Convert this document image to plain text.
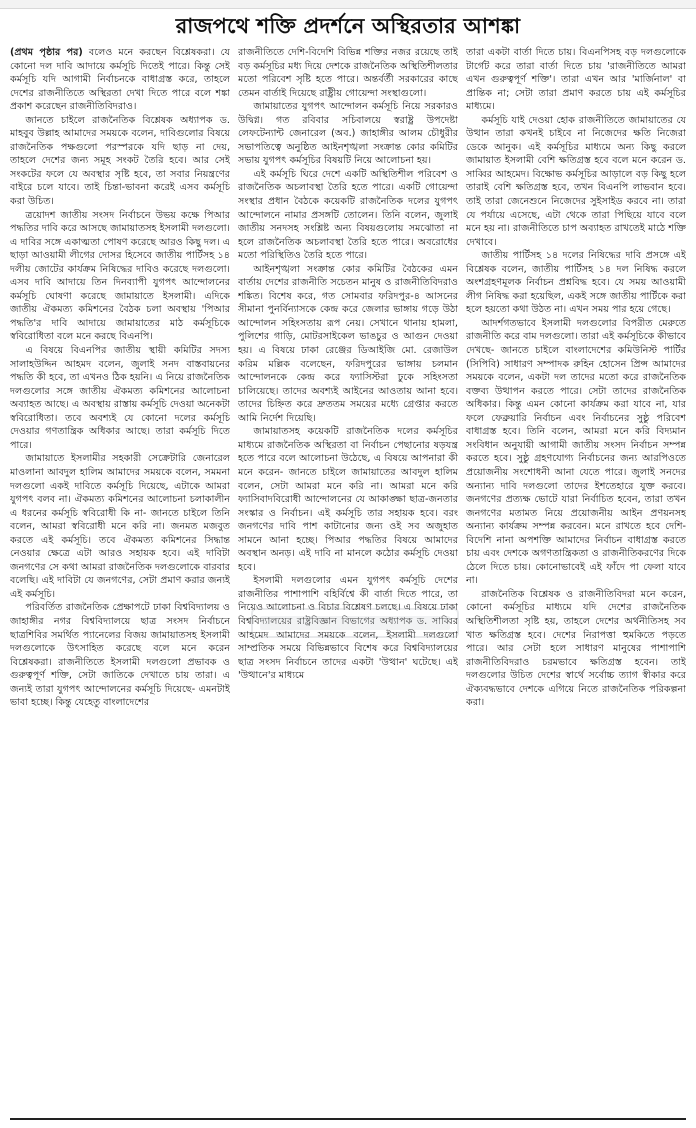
রাজপথে শক্তি প্রদর্শনে অস্থিরতার আশঙ্কা

(প্রথম পৃষ্ঠার পর) বলেও মনে করছেন বিশ্লেষকরা। যে কোনো দল দাবি আদায়ে কর্মসূচি দিতেই পারে। কিন্তু সেই কর্মসূচি যদি আগামী নির্বাচনকে বাধাগ্রস্ত করে, তাহলে দেশের রাজনীতিতে অস্থিরতা দেখা দিতে পারে বলে শঙ্কা প্রকাশ করেছেন রাজনীতিবিদরাও।

জানতে চাইলে রাজনৈতিক বিশ্লেষক অধ্যাপক ড. মাহবুব উল্লাহ আমাদের সময়কে বলেন, দাবিগুলোর বিষয়ে রাজনৈতিক পক্ষগুলো পরস্পরকে যদি ছাড় না দেয়, তাহলে দেশের জন্য সমূহ সংকট তৈরি হবে। আর সেই সংকটের ফলে যে অবস্থার সৃষ্টি হবে, তা সবার নিয়ন্ত্রণের বাইরে চলে যাবে। তাই চিন্তা-ভাবনা করেই এসব কর্মসূচি করা উচিত।

ত্রয়োদশ জাতীয় সংসদ নির্বাচনে উভয় কক্ষে পিআর পদ্ধতির দাবি করে আসছে জামায়াতসহ ইসলামী দলগুলো। এ দাবির সঙ্গে একাত্মতা পোষণ করেছে আরও কিছু দল। এ ছাড়া আওয়ামী লীগের দোসর হিসেবে জাতীয় পার্টিসহ ১৪ দলীয় জোটের কার্যক্রম নিষিদ্ধের দাবিও করেছে দলগুলো। এসব দাবি আদায়ে তিন দিনব্যাপী যুগপৎ আন্দোলনের কর্মসূচি ঘোষণা করেছে জামায়াতে ইসলামী। এদিকে জাতীয় ঐকমত্য কমিশনের বৈঠক চলা অবস্থায় 'পিআর পদ্ধতি'র দাবি আদায়ে জামায়াতের মাঠ কর্মসূচিকে স্ববিরোধিতা বলে মনে করছে বিএনপি।

এ বিষয়ে বিএনপির জাতীয় স্থায়ী কমিটির সদস্য সালাহউদ্দিন আহমদ বলেন, জুলাই সনদ বাস্তবায়নের পদ্ধতি কী হবে, তা এখনও ঠিক হয়নি। এ নিয়ে রাজনৈতিক দলগুলোর সঙ্গে জাতীয় ঐকমত্য কমিশনের আলোচনা অব্যাহত আছে। এ অবস্থায় রাস্তায় কর্মসূচি দেওয়া অনেকটা স্ববিরোধিতা। তবে অবশ্যই যে কোনো দলের কর্মসূচি দেওয়ার গণতান্ত্রিক অধিকার আছে। তারা কর্মসূচি দিতে পারে।

জামায়াতে ইসলামীর সহকারী সেক্রেটারি জেনারেল মাওলানা আবদুল হালিম আমাদের সময়কে বলেন, সমমনা দলগুলো একই দাবিতে কর্মসূচি দিয়েছে, এটাকে আমরা যুগপৎ বলব না। ঐকমত্য কমিশনের আলোচনা চলাকালীন এ ধরনের কর্মসূচি স্ববিরোধী কি না- জানতে চাইলে তিনি বলেন, আমরা স্ববিরোধী মনে করি না। জনমত মজবুত করতে এই কর্মসূচি। তবে ঐকমত্য কমিশনের সিদ্ধান্ত নেওয়ার ক্ষেত্রে এটা আরও সহায়ক হবে। এই দাবিটা জনগণের সে কথা আমরা রাজনৈতিক দলগুলোকে বারবার বলেছি। এই দাবিটা যে জনগণের, সেটা প্রমাণ করার জন্যই এই কর্মসূচি।

পরিবর্তিত রাজনৈতিক প্রেক্ষাপটে ঢাকা বিশ্ববিদ্যালয় ও জাহাঙ্গীর নগর বিশ্ববিদ্যালয়ে ছাত্র সংসদ নির্বাচনে ছাত্রশিবির সমর্থিত প্যানেলের বিজয় জামায়াতসহ ইসলামী দলগুলোকে উৎসাহিত করেছে বলে মনে করেন বিশ্লেষকরা। রাজনীতিতে ইসলামী দলগুলো প্রভাবক ও গুরুত্বপূর্ণ শক্তি, সেটা জাতিকে দেখাতে চায় তারা। এ জন্যই তারা যুগপৎ আন্দোলনের কর্মসূচি দিয়েছে- এমনটাই ভাবা হচ্ছে। কিন্তু যেহেতু বাংলাদেশের

রাজনীতিতে দেশি-বিদেশি বিভিন্ন শক্তির নজর রয়েছে তাই বড় কর্মসূচির মধ্য দিয়ে দেশকে রাজনৈতিক অস্থিতিশীলতার মতো পরিবেশ সৃষ্টি হতে পারে। অন্তর্বর্তী সরকারের কাছে তেমন বার্তাই দিয়েছে রাষ্ট্রীয় গোয়েন্দা সংস্থাগুলো।

জামায়াতের যুগপৎ আন্দোলন কর্মসূচি নিয়ে সরকারও উদ্বিগ্ন। গত রবিবার সচিবালয়ে স্বরাষ্ট্র উপদেষ্টা লেফটেন্যান্ট জেনারেল (অব.) জাহাঙ্গীর আলম চৌধুরীর সভাপতিত্বে অনুষ্ঠিত আইনশৃঙ্খলা সংক্রান্ত কোর কমিটির সভায় যুগপৎ কর্মসূচির বিষয়টি নিয়ে আলোচনা হয়।

এই কর্মসূচি ঘিরে দেশে একটি অস্থিতিশীল পরিবেশ ও রাজনৈতিক অচলাবস্থা তৈরি হতে পারে। একটি গোয়েন্দা সংস্থার প্রধান বৈঠকে কয়েকটি রাজনৈতিক দলের যুগপৎ আন্দোলনে নামার প্রসঙ্গটি তোলেন। তিনি বলেন, জুলাই জাতীয় সনদসহ সংশ্লিষ্ট অন্য বিষয়গুলোয় সমঝোতা না হলে রাজনৈতিক অচলাবস্থা তৈরি হতে পারে। অবরোধের মতো পরিস্থিতিও তৈরি হতে পারে।

আইনশৃঙ্খলা সংক্রান্ত কোর কমিটির বৈঠকের এমন বার্তায় দেশের রাজনীতি সচেতন মানুষ ও রাজনীতিবিদরাও শঙ্কিত। বিশেষ করে, গত সোমবার ফরিদপুর-৪ আসনের সীমানা পুনর্বিন্যাসকে কেন্দ্র করে জেলার ভাঙ্গায় গড়ে উঠা আন্দোলন সহিংসতায় রূপ নেয়। সেখানে থানায় হামলা, পুলিশের গাড়ি, মোটরসাইকেল ভাঙচুর ও আগুন দেওয়া হয়। এ বিষয়ে ঢাকা রেঞ্জের ডিআইজি মো. রেজাউল করিম মল্লিক বলেছেন, ফরিদপুরের ভাঙ্গায় চলমান আন্দোলনকে কেন্দ্র করে ফ্যাসিস্টরা ঢুকে সহিংসতা চালিয়েছে। তাদের অবশ্যই আইনের আওতায় আনা হবে। তাদের চিহ্নিত করে দ্রুততম সময়ের মধ্যে গ্রেপ্তার করতে আমি নির্দেশ দিয়েছি।

জামায়াতসহ কয়েকটি রাজনৈতিক দলের কর্মসূচির মাধ্যমে রাজনৈতিক অস্থিরতা বা নির্বাচন পেছানোর ষড়যন্ত্র হতে পারে বলে আলোচনা উঠেছে, এ বিষয়ে আপনারা কী মনে করেন- জানতে চাইলে জামায়াতের আবদুল হালিম বলেন, সেটা আমরা মনে করি না। আমরা মনে করি ফ্যাসিবাদবিরোধী আন্দোলনের যে আকাঙ্ক্ষা ছাত্র-জনতার সংস্কার ও নির্বাচন। এই কর্মসূচি তার সহায়ক হবে। বরং জনগণের দাবি পাশ কাটানোর জন্য ওই সব অজুহাত সামনে আনা হচ্ছে। পিআর পদ্ধতির বিষয়ে আমাদের অবস্থান অনড়। এই দাবি না মানলে কঠোর কর্মসূচি দেওয়া হবে।

ইসলামী দলগুলোর এমন যুগপৎ কর্মসূচি দেশের রাজনীতির পাশাপাশি বহির্বিশ্বে কী বার্তা দিতে পারে, তা নিয়েও আলোচনা ও বিচার বিশ্লেষণ চলছে। এ বিষয়ে ঢাকা বিশ্ববিদ্যালয়ের রাষ্ট্রবিজ্ঞান বিভাগের অধ্যাপক ড. সাব্বির আহমেদ আমাদের সময়কে বলেন, ইসলামী দলগুলো সাম্প্রতিক সময়ে বিভিন্নভাবে বিশেষ করে বিশ্ববিদ্যালয়ের ছাত্র সংসদ নির্বাচনে তাদের একটা 'উত্থান' ঘটেছে। এই 'উত্থানে'র মাধ্যমে

তারা একটা বার্তা দিতে চায়। বিএনপিসহ বড় দলগুলোকে টার্গেট করে তারা বার্তা দিতে চায় 'রাজনীতিতে আমরা এখন গুরুত্বপূর্ণ শক্তি'। তারা এখন আর 'মার্জিনাল' বা প্রান্তিক না; সেটা তারা প্রমাণ করতে চায় এই কর্মসূচির মাধ্যমে।

কর্মসূচি যাই দেওয়া হোক রাজনীতিতে জামায়াতের যে উত্থান তারা কখনই চাইবে না নিজেদের ক্ষতি নিজেরা ডেকে আনুক। এই কর্মসূচির মাধ্যমে অন্য কিছু করলে জামায়াত ইসলামী বেশি ক্ষতিগ্রস্ত হবে বলে মনে করেন ড. সাব্বির আহমেদ। বিক্ষোভ কর্মসূচির আড়ালে বড় কিছু হলে তারাই বেশি ক্ষতিগ্রস্ত হবে, তখন বিএনপি লাভবান হবে। তাই তারা জেনেশুনে নিজেদের সুইসাইড করবে না। তারা যে পর্যায়ে এসেছে, এটা থেকে তারা পিছিয়ে যাবে বলে মনে হয় না। রাজনীতিতে চাপ অব্যাহত রাখতেই মাঠে শক্তি দেখাবে।

জাতীয় পার্টিসহ ১৪ দলের নিষিদ্ধের দাবি প্রসঙ্গে এই বিশ্লেষক বলেন, জাতীয় পার্টিসহ ১৪ দল নিষিদ্ধ করলে অংশগ্রহণমূলক নির্বাচন প্রশ্নবিদ্ধ হবে। যে সময় আওয়ামী লীগ নিষিদ্ধ করা হয়েছিল, একই সঙ্গে জাতীয় পার্টিকে করা হলে হয়তো কথা উঠত না। এখন সময় পার হয়ে গেছে।

আদর্শগতভাবে ইসলামী দলগুলোর বিপরীত মেরুতে রাজনীতি করে বাম দলগুলো। তারা এই কর্মসূচিকে কীভাবে দেখছে- জানতে চাইলে বাংলাদেশের কমিউনিস্ট পার্টির (সিপিবি) সাধারণ সম্পাদক রুহিন হোসেন প্রিন্স আমাদের সময়কে বলেন, একটা দল তাদের মতো করে রাজনৈতিক বক্তব্য উত্থাপন করতে পারে। সেটা তাদের রাজনৈতিক অধিকার। কিন্তু এমন কোনো কার্যক্রম করা যাবে না, যার ফলে ফেব্রুয়ারি নির্বাচন এবং নির্বাচনের সুষ্ঠু পরিবেশ বাধাগ্রস্ত হবে। তিনি বলেন, আমরা মনে করি বিদ্যমান সংবিধান অনুযায়ী আগামী জাতীয় সংসদ নির্বাচন সম্পন্ন করতে হবে। সুষ্ঠু গ্রহণযোগ্য নির্বাচনের জন্য আরপিওতে প্রয়োজনীয় সংশোধনী আনা যেতে পারে। জুলাই সনদের অন্যান্য দাবি দলগুলো তাদের ইশতেহারে যুক্ত করবে। জনগণের প্রত্যক্ষ ভোটে যারা নির্বাচিত হবেন, তারা তখন জনগণের মতামত নিয়ে প্রয়োজনীয় আইন প্রণয়নসহ অন্যান্য কার্যক্রম সম্পন্ন করবেন। মনে রাখতে হবে দেশি-বিদেশি নানা অপশক্তি আমাদের নির্বাচন বাধাগ্রস্ত করতে চায় এবং দেশকে অগণতান্ত্রিকতা ও রাজনীতিকরণের দিকে ঠেলে দিতে চায়। কোনোভাবেই এই ফাঁদে পা ফেলা যাবে না।

রাজনৈতিক বিশ্লেষক ও রাজনীতিবিদরা মনে করেন, কোনো কর্মসূচির মাধ্যমে যদি দেশের রাজনৈতিক অস্থিতিশীলতা সৃষ্টি হয়, তাহলে দেশের অর্থনীতিসহ সব খাত ক্ষতিগ্রস্ত হবে। দেশের নিরাপত্তা হুমকিতে পড়তে পারে। আর সেটা হলে সাধারণ মানুষের পাশাপাশি রাজনীতিবিদরাও চরমভাবে ক্ষতিগ্রস্ত হবেন। তাই দলগুলোর উচিত দেশের স্বার্থে সর্বোচ্চ ত্যাগ স্বীকার করে ঐক্যবদ্ধভাবে দেশকে এগিয়ে নিতে রাজনৈতিক পরিকল্পনা করা।
